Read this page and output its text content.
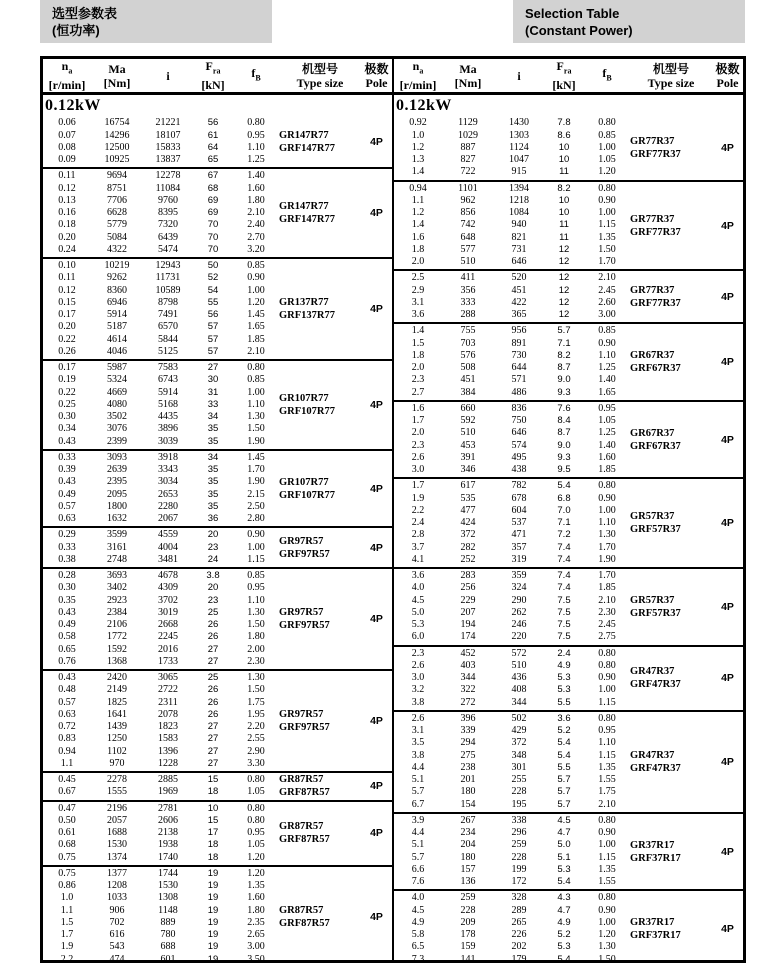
选型参数表
(恒功率)
Selection Table
(Constant Power)
$n_a$
[r/min]
Ma
[Nm]	i
$F_{ra}$
[kN]
$f_B$
机型号
Type size
极数
Pole
0.12kW
0.06	16754	21221	56	0.80
0.07	14296	18107	61	0.95
0.08	12500	15833	64	1.10
0.09	10925	13837	65	1.25
GR147R77
GRF147R77
4P
0.11	9694	12278	67	1.40
0.12	8751	11084	68	1.60
0.13	7706	9760	69	1.80
0.16	6628	8395	69	2.10
0.18	5779	7320	70	2.40
0.20	5084	6439	70	2.70
0.24	4322	5474	70	3.20
GR147R77
GRF147R77
4P
0.10	10219	12943	50	0.85
0.11	9262	11731	52	0.90
0.12	8360	10589	54	1.00
0.15	6946	8798	55	1.20
0.17	5914	7491	56	1.45
0.20	5187	6570	57	1.65
0.22	4614	5844	57	1.85
0.26	4046	5125	57	2.10
GR137R77
GRF137R77
4P
0.17	5987	7583	27	0.80
0.19	5324	6743	30	0.85
0.22	4669	5914	31	1.00
0.25	4080	5168	33	1.10
0.30	3502	4435	34	1.30
0.34	3076	3896	35	1.50
0.43	2399	3039	35	1.90
GR107R77
GRF107R77
4P
0.33	3093	3918	34	1.45
0.39	2639	3343	35	1.70
0.43	2395	3034	35	1.90
0.49	2095	2653	35	2.15
0.57	1800	2280	35	2.50
0.63	1632	2067	36	2.80
GR107R77
GRF107R77
4P
0.29	3599	4559	20	0.90
0.33	3161	4004	23	1.00
0.38	2748	3481	24	1.15
GR97R57
GRF97R57
4P
0.28	3693	4678	3.8	0.85
0.30	3402	4309	20	0.95
0.35	2923	3702	23	1.10
0.43	2384	3019	25	1.30
0.49	2106	2668	26	1.50
0.58	1772	2245	26	1.80
0.65	1592	2016	27	2.00
0.76	1368	1733	27	2.30
GR97R57
GRF97R57
4P
0.43	2420	3065	25	1.30
0.48	2149	2722	26	1.50
0.57	1825	2311	26	1.75
0.63	1641	2078	26	1.95
0.72	1439	1823	27	2.20
0.83	1250	1583	27	2.55
0.94	1102	1396	27	2.90
1.1	970	1228	27	3.30
GR97R57
GRF97R57
4P
0.45	2278	2885	15	0.80
0.67	1555	1969	18	1.05
GR87R57
GRF87R57
4P
0.47	2196	2781	10	0.80
0.50	2057	2606	15	0.80
0.61	1688	2138	17	0.95
0.68	1530	1938	18	1.05
0.75	1374	1740	18	1.20
GR87R57
GRF87R57
4P
0.75	1377	1744	19	1.20
0.86	1208	1530	19	1.35
1.0	1033	1308	19	1.60
1.1	906	1148	19	1.80
1.5	702	889	19	2.35
1.7	616	780	19	2.65
1.9	543	688	19	3.00
2.2	474	601	19	3.50
GR87R57
GRF87R57
4P
$n_a$
[r/min]
Ma
[Nm]	i
$F_{ra}$
[kN]
$f_B$
机型号
Type size
极数
Pole
0.12kW
0.92	1129	1430	7.8	0.80
1.0	1029	1303	8.6	0.85
1.2	887	1124	10	1.00
1.3	827	1047	10	1.05
1.4	722	915	11	1.20
GR77R37
GRF77R37
4P
0.94	1101	1394	8.2	0.80
1.1	962	1218	10	0.90
1.2	856	1084	10	1.00
1.4	742	940	11	1.15
1.6	648	821	11	1.35
1.8	577	731	12	1.50
2.0	510	646	12	1.70
GR77R37
GRF77R37
4P
2.5	411	520	12	2.10
2.9	356	451	12	2.45
3.1	333	422	12	2.60
3.6	288	365	12	3.00
GR77R37
GRF77R37
4P
1.4	755	956	5.7	0.85
1.5	703	891	7.1	0.90
1.8	576	730	8.2	1.10
2.0	508	644	8.7	1.25
2.3	451	571	9.0	1.40
2.7	384	486	9.3	1.65
GR67R37
GRF67R37
4P
1.6	660	836	7.6	0.95
1.7	592	750	8.4	1.05
2.0	510	646	8.7	1.25
2.3	453	574	9.0	1.40
2.6	391	495	9.3	1.60
3.0	346	438	9.5	1.85
GR67R37
GRF67R37
4P
1.7	617	782	5.4	0.80
1.9	535	678	6.8	0.90
2.2	477	604	7.0	1.00
2.4	424	537	7.1	1.10
2.8	372	471	7.2	1.30
3.7	282	357	7.4	1.70
4.1	252	319	7.4	1.90
GR57R37
GRF57R37
4P
3.6	283	359	7.4	1.70
4.0	256	324	7.4	1.85
4.5	229	290	7.5	2.10
5.0	207	262	7.5	2.30
5.3	194	246	7.5	2.45
6.0	174	220	7.5	2.75
GR57R37
GRF57R37
4P
2.3	452	572	2.4	0.80
2.6	403	510	4.9	0.80
3.0	344	436	5.3	0.90
3.2	322	408	5.3	1.00
3.8	272	344	5.5	1.15
GR47R37
GRF47R37
4P
2.6	396	502	3.6	0.80
3.1	339	429	5.2	0.95
3.5	294	372	5.4	1.10
3.8	275	348	5.4	1.15
4.4	238	301	5.5	1.35
5.1	201	255	5.7	1.55
5.7	180	228	5.7	1.75
6.7	154	195	5.7	2.10
GR47R37
GRF47R37
4P
3.9	267	338	4.5	0.80
4.4	234	296	4.7	0.90
5.1	204	259	5.0	1.00
5.7	180	228	5.1	1.15
6.6	157	199	5.3	1.35
7.6	136	172	5.4	1.55
GR37R17
GRF37R17
4P
4.0	259	328	4.3	0.80
4.5	228	289	4.7	0.90
4.9	209	265	4.9	1.00
5.8	178	226	5.2	1.20
6.5	159	202	5.3	1.30
7.3	141	179	5.4	1.50
GR37R17
GRF37R17
4P
